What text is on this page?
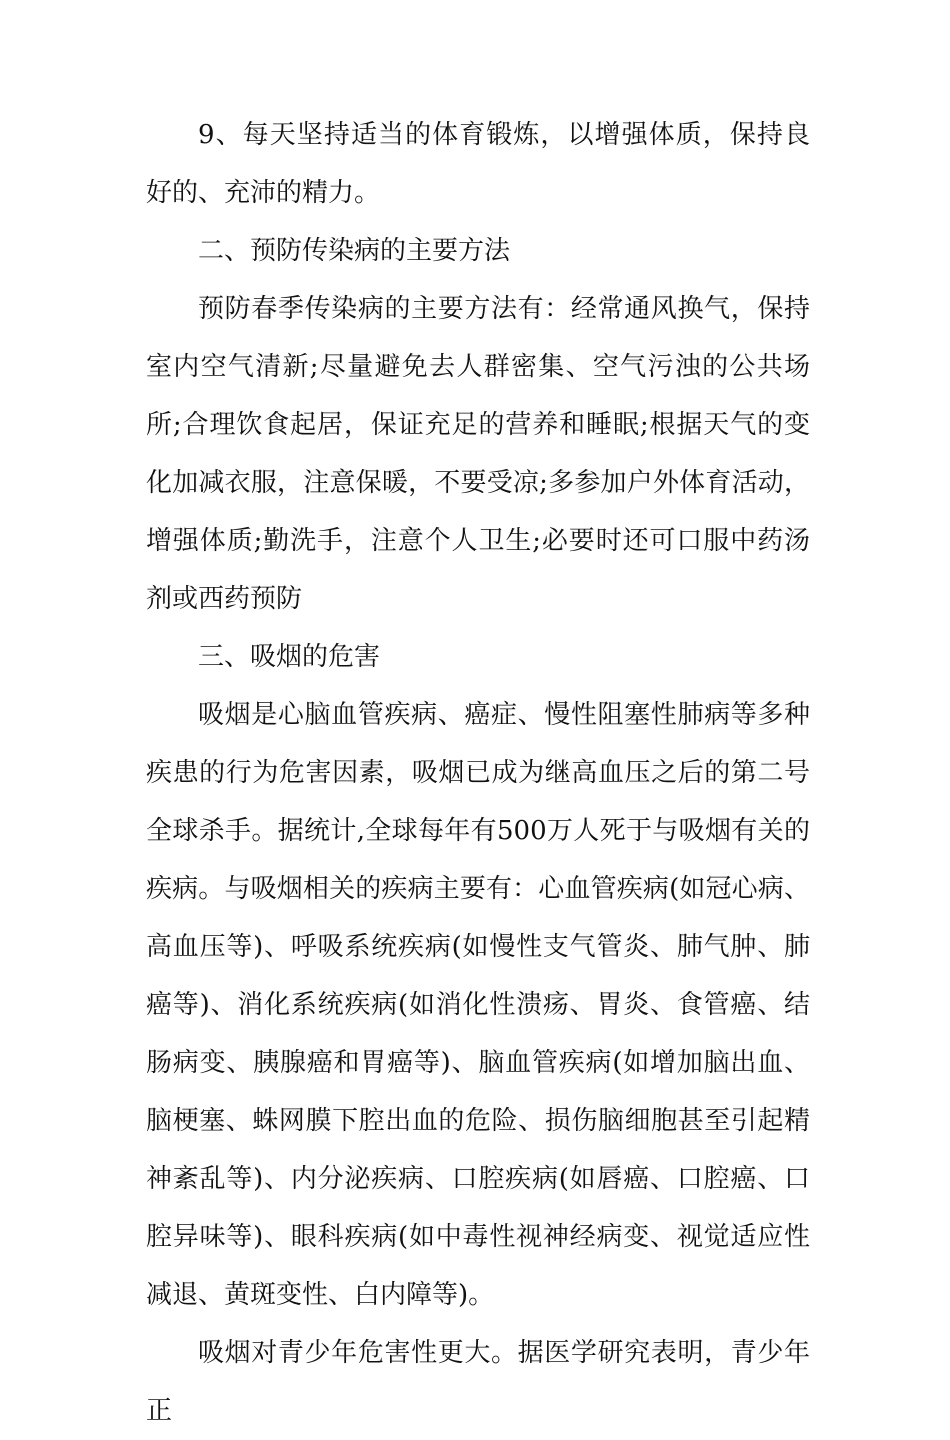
9、每天坚持适当的体育锻炼，以增强体质，保持良好的、充沛的精力。

二、预防传染病的主要方法

预防春季传染病的主要方法有：经常通风换气，保持室内空气清新;尽量避免去人群密集、空气污浊的公共场所;合理饮食起居，保证充足的营养和睡眠;根据天气的变化加减衣服，注意保暖，不要受凉;多参加户外体育活动，增强体质;勤洗手，注意个人卫生;必要时还可口服中药汤剂或西药预防

三、吸烟的危害

吸烟是心脑血管疾病、癌症、慢性阻塞性肺病等多种疾患的行为危害因素，吸烟已成为继高血压之后的第二号全球杀手。据统计,全球每年有500万人死于与吸烟有关的疾病。与吸烟相关的疾病主要有：心血管疾病(如冠心病、高血压等)、呼吸系统疾病(如慢性支气管炎、肺气肿、肺癌等)、消化系统疾病(如消化性溃疡、胃炎、食管癌、结肠病变、胰腺癌和胃癌等)、脑血管疾病(如增加脑出血、脑梗塞、蛛网膜下腔出血的危险、损伤脑细胞甚至引起精神紊乱等)、内分泌疾病、口腔疾病(如唇癌、口腔癌、口腔异味等)、眼科疾病(如中毒性视神经病变、视觉适应性减退、黄斑变性、白内障等)。

吸烟对青少年危害性更大。据医学研究表明，青少年正
